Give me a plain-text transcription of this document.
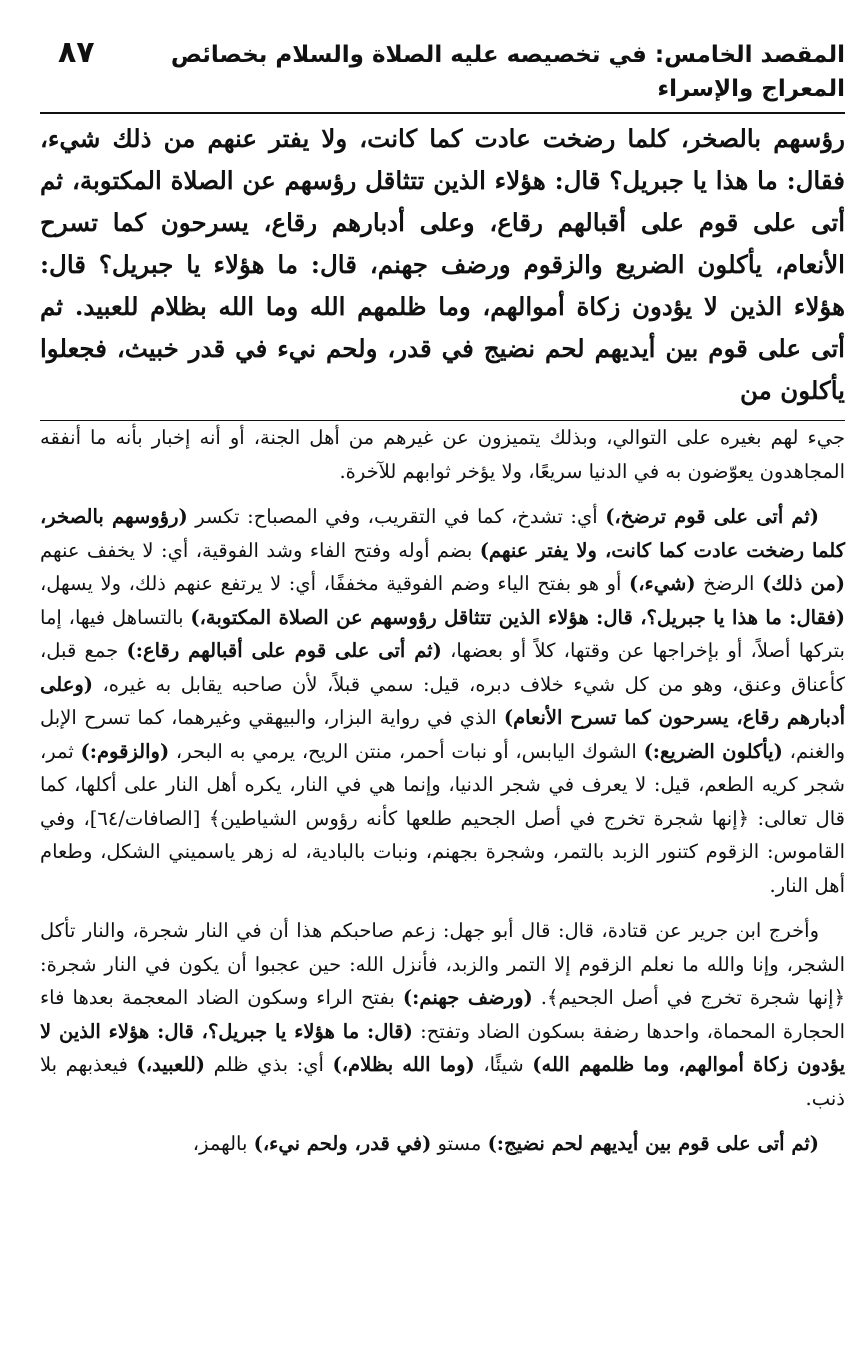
المقصد الخامس: في تخصيصه عليه الصلاة والسلام بخصائص المعراج والإسراء
٨٧
رؤسهم بالصخر، كلما رضخت عادت كما كانت، ولا يفتر عنهم من ذلك شيء، فقال: ما هذا يا جبريل؟ قال: هؤلاء الذين تتثاقل رؤسهم عن الصلاة المكتوبة، ثم أتى على قوم على أقبالهم رقاع، وعلى أدبارهم رقاع، يسرحون كما تسرح الأنعام، يأكلون الضريع والزقوم ورضف جهنم، قال: ما هؤلاء يا جبريل؟ قال: هؤلاء الذين لا يؤدون زكاة أموالهم، وما ظلمهم الله وما الله بظلام للعبيد. ثم أتى على قوم بين أيديهم لحم نضيج في قدر، ولحم نيء في قدر خبيث، فجعلوا يأكلون من

جيء لهم بغيره على التوالي، وبذلك يتميزون عن غيرهم من أهل الجنة، أو أنه إخبار بأنه ما أنفقه المجاهدون يعوّضون به في الدنيا سريعًا، ولا يؤخر ثوابهم للآخرة.

(ثم أتى على قوم ترضخ،) أي: تشدخ، كما في التقريب، وفي المصباح: تكسر (رؤوسهم بالصخر، كلما رضخت عادت كما كانت، ولا يفتر عنهم) بضم أوله وفتح الفاء وشد الفوقية، أي: لا يخفف عنهم (من ذلك) الرضخ (شيء،) أو هو بفتح الياء وضم الفوقية مخففًا، أي: لا يرتفع عنهم ذلك، ولا يسهل، (فقال: ما هذا يا جبريل؟، قال: هؤلاء الذين تتثاقل رؤوسهم عن الصلاة المكتوبة،) بالتساهل فيها، إما بتركها أصلاً، أو بإخراجها عن وقتها، كلاً أو بعضها، (ثم أتى على قوم على أقبالهم رقاع:) جمع قبل، كأعناق وعنق، وهو من كل شيء خلاف دبره، قيل: سمي قبلاً، لأن صاحبه يقابل به غيره، (وعلى أدبارهم رقاع، يسرحون كما تسرح الأنعام) الذي في رواية البزار، والبيهقي وغيرهما، كما تسرح الإبل والغنم، (يأكلون الضريع:) الشوك اليابس، أو نبات أحمر، منتن الريح، يرمي به البحر، (والزقوم:) ثمر، شجر كريه الطعم، قيل: لا يعرف في شجر الدنيا، وإنما هي في النار، يكره أهل النار على أكلها، كما قال تعالى: ﴿إنها شجرة تخرج في أصل الجحيم طلعها كأنه رؤوس الشياطين﴾ [الصافات/٦٤]، وفي القاموس: الزقوم كتنور الزبد بالتمر، وشجرة بجهنم، ونبات بالبادية، له زهر ياسميني الشكل، وطعام أهل النار.

وأخرج ابن جرير عن قتادة، قال: قال أبو جهل: زعم صاحبكم هذا أن في النار شجرة، والنار تأكل الشجر، وإنا والله ما نعلم الزقوم إلا التمر والزبد، فأنزل الله: حين عجبوا أن يكون في النار شجرة: ﴿إنها شجرة تخرج في أصل الجحيم﴾. (ورضف جهنم:) بفتح الراء وسكون الضاد المعجمة بعدها فاء الحجارة المحماة، واحدها رضفة بسكون الضاد وتفتح: (قال: ما هؤلاء يا جبريل؟، قال: هؤلاء الذين لا يؤدون زكاة أموالهم، وما ظلمهم الله) شيئًا، (وما الله بظلام،) أي: بذي ظلم (للعبيد،) فيعذبهم بلا ذنب.

(ثم أتى على قوم بين أيديهم لحم نضيج:) مستو (في قدر، ولحم نيء،) بالهمز،
